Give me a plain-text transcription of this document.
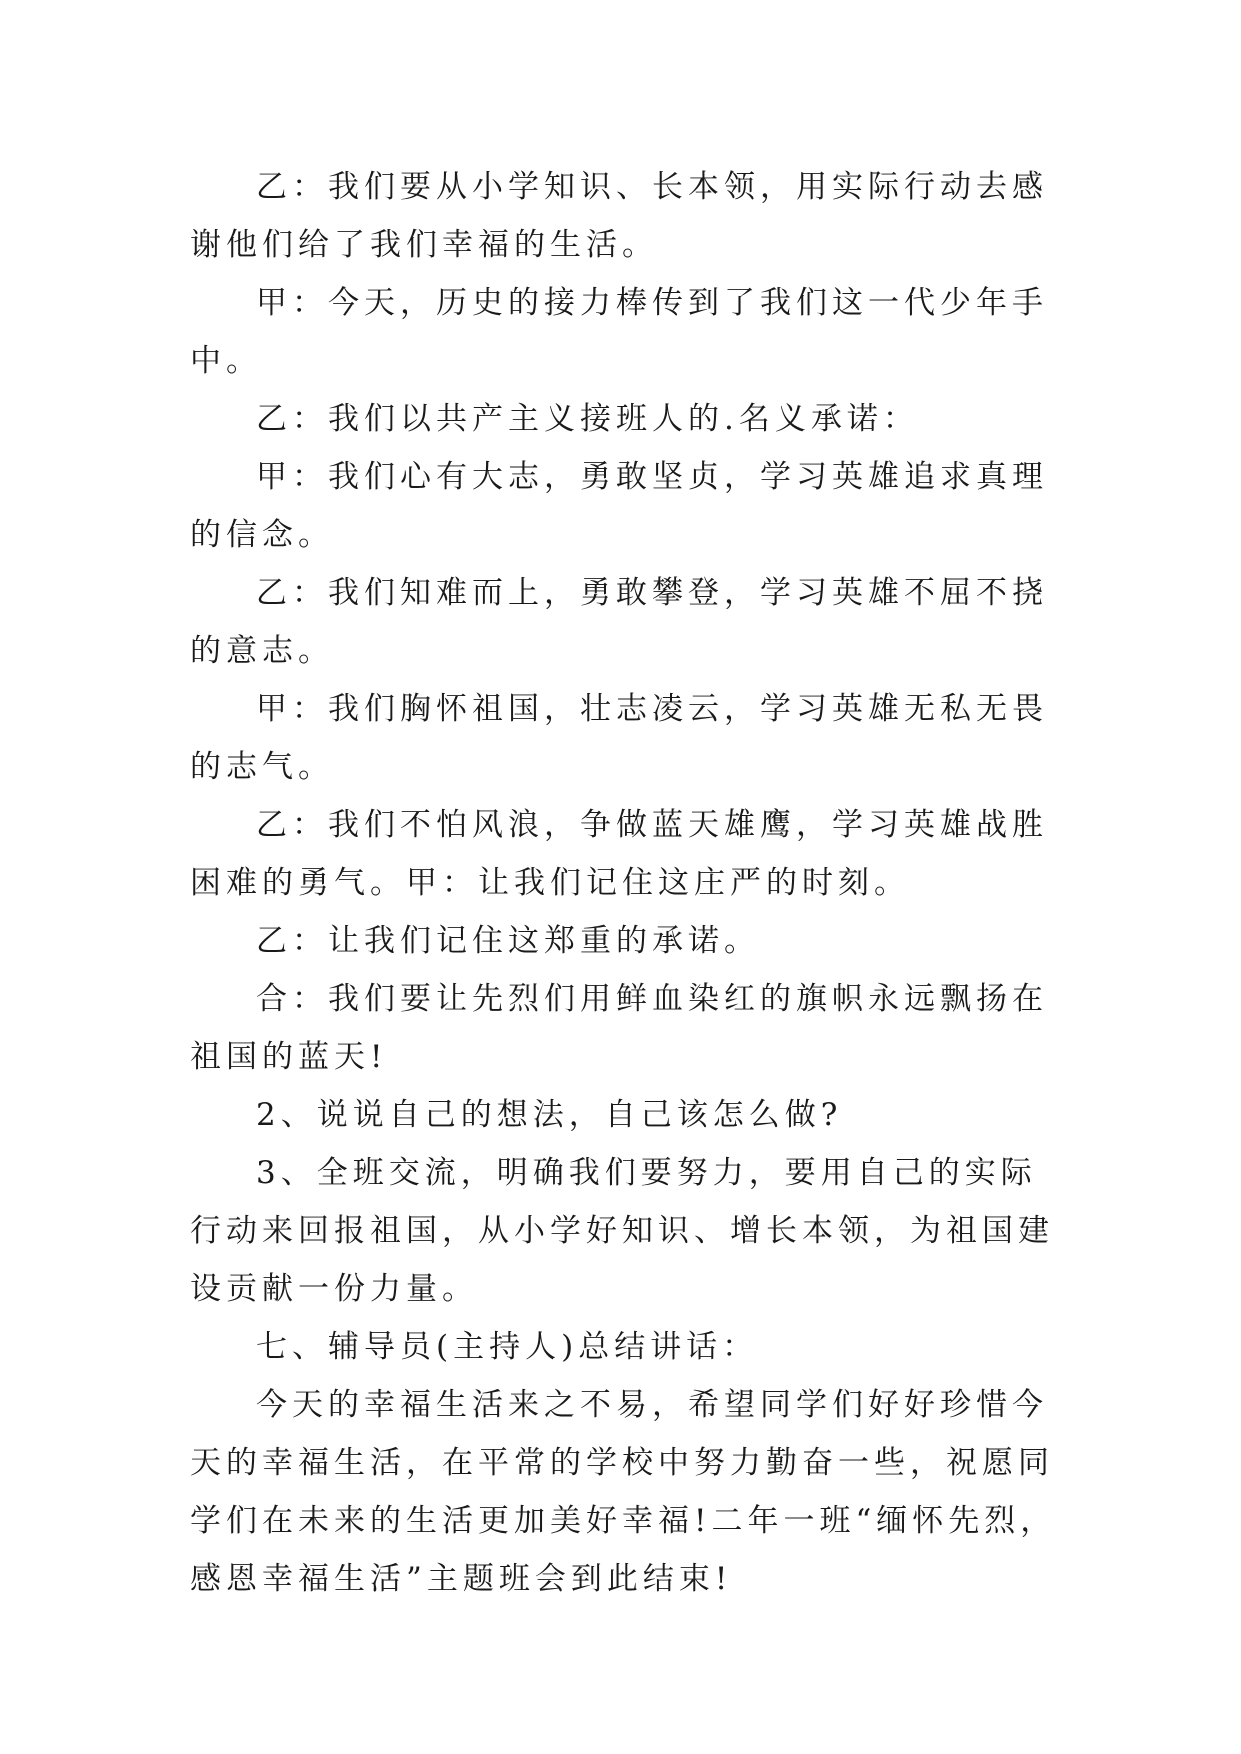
乙：我们要从小学知识、长本领，用实际行动去感谢他们给了我们幸福的生活。

甲：今天，历史的接力棒传到了我们这一代少年手中。

乙：我们以共产主义接班人的.名义承诺：

甲：我们心有大志，勇敢坚贞，学习英雄追求真理的信念。

乙：我们知难而上，勇敢攀登，学习英雄不屈不挠的意志。

甲：我们胸怀祖国，壮志凌云，学习英雄无私无畏的志气。

乙：我们不怕风浪，争做蓝天雄鹰，学习英雄战胜困难的勇气。甲：让我们记住这庄严的时刻。

乙：让我们记住这郑重的承诺。

合：我们要让先烈们用鲜血染红的旗帜永远飘扬在祖国的蓝天!

2、说说自己的想法，自己该怎么做?

3、全班交流，明确我们要努力，要用自己的实际行动来回报祖国，从小学好知识、增长本领，为祖国建设贡献一份力量。

七、辅导员(主持人)总结讲话：

今天的幸福生活来之不易，希望同学们好好珍惜今天的幸福生活，在平常的学校中努力勤奋一些，祝愿同学们在未来的生活更加美好幸福!二年一班“缅怀先烈，感恩幸福生活”主题班会到此结束!
